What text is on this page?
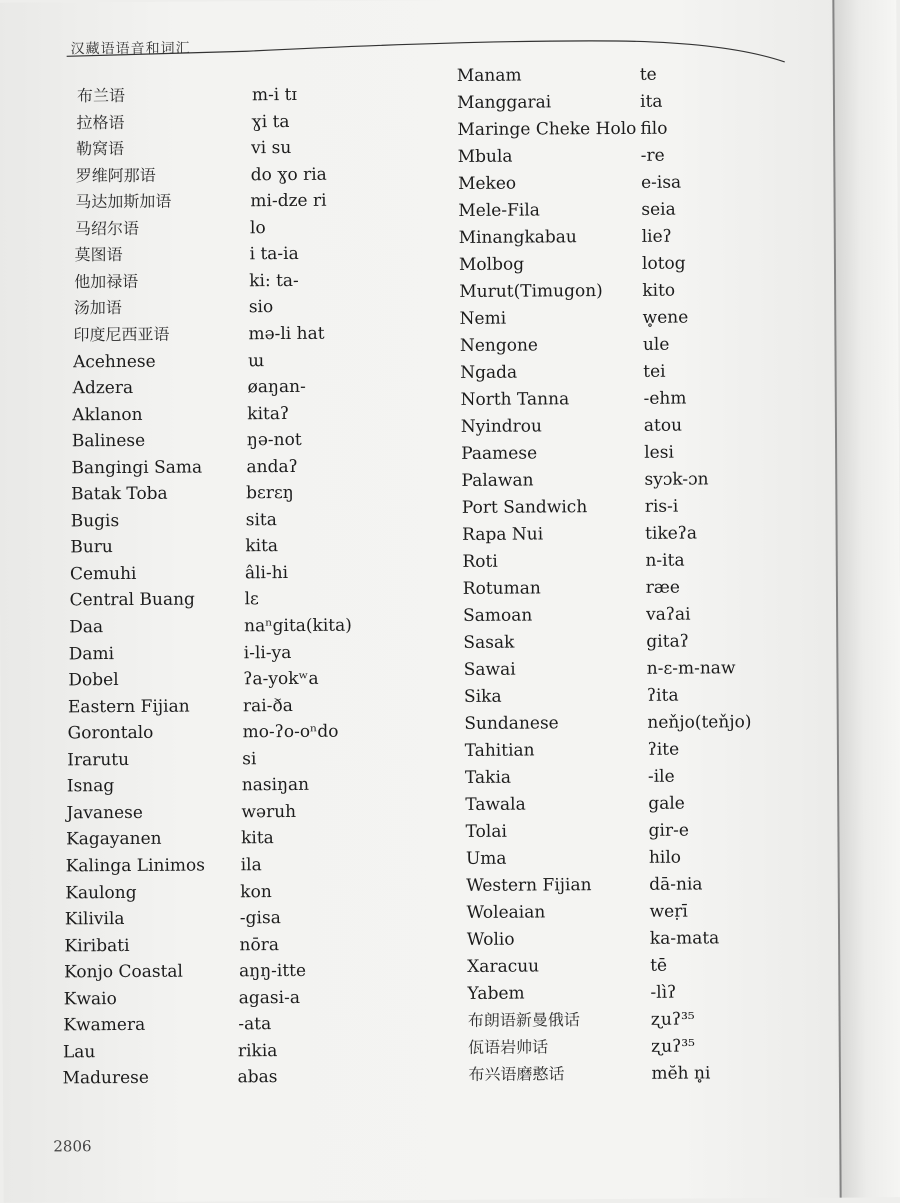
汉藏语语音和词汇
布兰语	m-i tɪ
拉格语	ɣi ta
勒窝语	vi su
罗维阿那语	do ɣo ria
马达加斯加语	mi-dze ri
马绍尔语	lo
莫图语	i ta-ia
他加禄语	ki: ta-
汤加语	sio
印度尼西亚语	mə-li hat
Acehnese	ɯ
Adzera	øaŋan-
Aklanon	kitaʔ
Balinese	ŋə-not
Bangingi Sama	andaʔ
Batak Toba	bɛrɛŋ
Bugis	sita
Buru	kita
Cemuhi	âli-hi
Central Buang	lɛ
Daa	naⁿgita(kita)
Dami	i-li-ya
Dobel	ʔa-yokʷa
Eastern Fijian	rai-ða
Gorontalo	mo-ʔo-oⁿdo
Irarutu	si
Isnag	nasiŋan
Javanese	wəruh
Kagayanen	kita
Kalinga Linimos ila
Kaulong	kon
Kilivila	-gisa
Kiribati	nōra
Konjo Coastal	aŋŋ-itte
Kwaio	agasi-a
Kwamera	-ata
Lau	rikia
Madurese	abas
Manam	te
Manggarai	ita
Maringe Cheke Holo filo
Mbula	-re
Mekeo	e-isa
Mele-Fila	seia
Minangkabau	lieʔ
Molbog	lotog
Murut(Timugon) kito
Nemi	w̥ene
Nengone	ule
Ngada	tei
North Tanna	-ehm
Nyindrou	atou
Paamese	lesi
Palawan	syɔk-ɔn
Port Sandwich	ris-i
Rapa Nui	tikeʔa
Roti	n-ita
Rotuman	ræe
Samoan	vaʔai
Sasak	gitaʔ
Sawai	n-ɛ-m-naw
Sika	ʔita
Sundanese	neňjo(teňjo)
Tahitian	ʔite
Takia	-ile
Tawala	gale
Tolai	gir-e
Uma	hilo
Western Fijian	dā-nia
Woleaian	weṛī
Wolio	ka-mata
Xaracuu	tē
Yabem	-lìʔ
布朗语新曼俄话	ʐuʔ³⁵
佤语岩帅话	ʐuʔ³⁵
布兴语磨憨话	mĕh n̥i
2806
